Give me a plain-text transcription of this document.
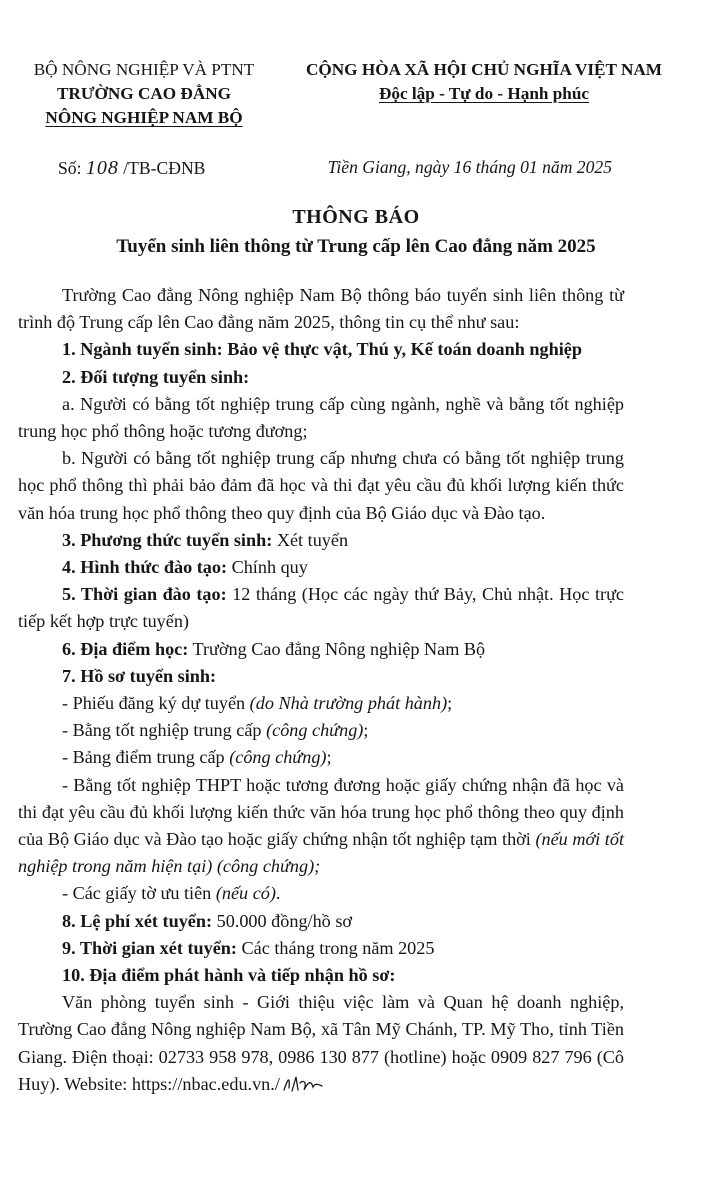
BỘ NÔNG NGHIỆP VÀ PTNT
TRƯỜNG CAO ĐẲNG
NÔNG NGHIỆP NAM BỘ
CỘNG HÒA XÃ HỘI CHỦ NGHĨA VIỆT NAM
Độc lập - Tự do - Hạnh phúc
Số: 108 /TB-CĐNB	Tiền Giang, ngày 16 tháng 01 năm 2025
THÔNG BÁO
Tuyển sinh liên thông từ Trung cấp lên Cao đẳng năm 2025

Trường Cao đẳng Nông nghiệp Nam Bộ thông báo tuyển sinh liên thông từ trình độ Trung cấp lên Cao đẳng năm 2025, thông tin cụ thể như sau:

1. Ngành tuyển sinh: Bảo vệ thực vật, Thú y, Kế toán doanh nghiệp

2. Đối tượng tuyển sinh:

a. Người có bằng tốt nghiệp trung cấp cùng ngành, nghề và bằng tốt nghiệp trung học phổ thông hoặc tương đương;

b. Người có bằng tốt nghiệp trung cấp nhưng chưa có bằng tốt nghiệp trung học phổ thông thì phải bảo đảm đã học và thi đạt yêu cầu đủ khối lượng kiến thức văn hóa trung học phổ thông theo quy định của Bộ Giáo dục và Đào tạo.

3. Phương thức tuyển sinh: Xét tuyển

4. Hình thức đào tạo: Chính quy

5. Thời gian đào tạo: 12 tháng (Học các ngày thứ Bảy, Chủ nhật. Học trực tiếp kết hợp trực tuyến)

6. Địa điểm học: Trường Cao đẳng Nông nghiệp Nam Bộ

7. Hồ sơ tuyển sinh:

- Phiếu đăng ký dự tuyển (do Nhà trường phát hành);

- Bằng tốt nghiệp trung cấp (công chứng);

- Bảng điểm trung cấp (công chứng);

- Bằng tốt nghiệp THPT hoặc tương đương hoặc giấy chứng nhận đã học và thi đạt yêu cầu đủ khối lượng kiến thức văn hóa trung học phổ thông theo quy định của Bộ Giáo dục và Đào tạo hoặc giấy chứng nhận tốt nghiệp tạm thời (nếu mới tốt nghiệp trong năm hiện tại) (công chứng);

- Các giấy tờ ưu tiên (nếu có).

8. Lệ phí xét tuyển: 50.000 đồng/hồ sơ

9. Thời gian xét tuyển: Các tháng trong năm 2025

10. Địa điểm phát hành và tiếp nhận hồ sơ:

Văn phòng tuyển sinh - Giới thiệu việc làm và Quan hệ doanh nghiệp, Trường Cao đẳng Nông nghiệp Nam Bộ, xã Tân Mỹ Chánh, TP. Mỹ Tho, tỉnh Tiền Giang. Điện thoại: 02733 958 978, 0986 130 877 (hotline) hoặc 0909 827 796 (Cô Huy). Website: https://nbac.edu.vn./
